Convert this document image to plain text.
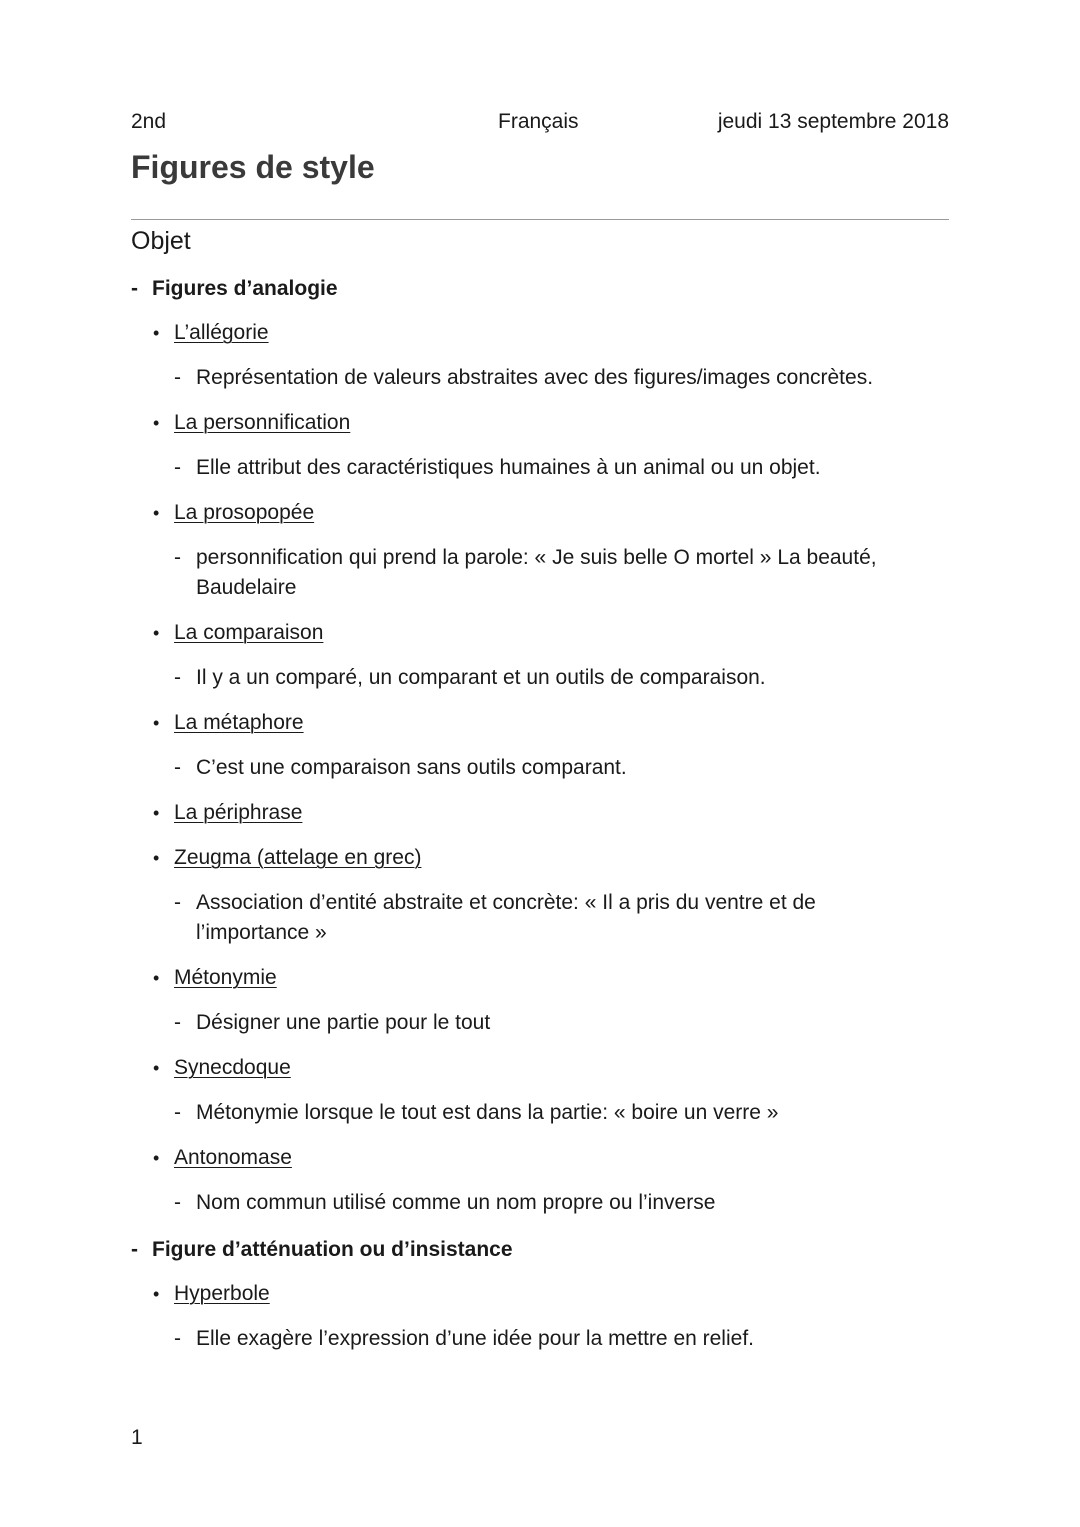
2nd	Français	jeudi 13 septembre 2018
Figures de style
Objet
- Figures d’analogie
• L’allégorie
- Représentation de valeurs abstraites avec des figures/images concrètes.
• La personnification
- Elle attribut des caractéristiques humaines à un animal ou un objet.
• La prosopopée
- personnification qui prend la parole: « Je suis belle O mortel » La beauté, Baudelaire
• La comparaison
- Il y a un comparé, un comparant et un outils de comparaison.
• La métaphore
- C’est une comparaison sans outils comparant.
• La périphrase
• Zeugma (attelage en grec)
- Association d’entité abstraite et concrète: « Il a pris du ventre et de l’importance »
• Métonymie
- Désigner une partie pour le tout
• Synecdoque
- Métonymie lorsque le tout est dans la partie: « boire un verre »
• Antonomase
- Nom commun utilisé comme un nom propre ou l’inverse
- Figure d’atténuation ou d’insistance
• Hyperbole
- Elle exagère l’expression d’une idée pour la mettre en relief.
1
